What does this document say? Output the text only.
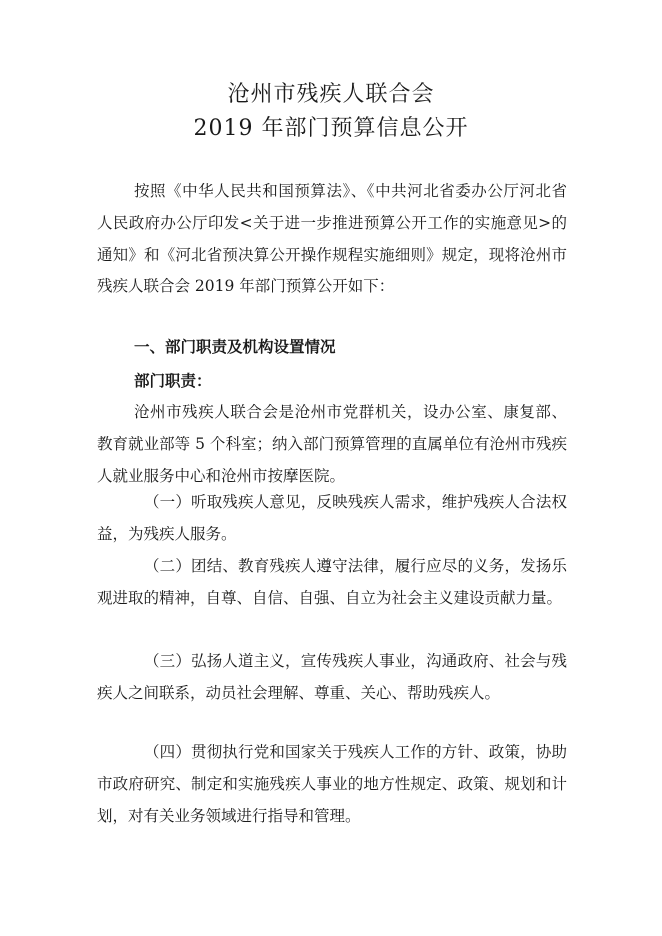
沧州市残疾人联合会
2019 年部门预算信息公开

按照《中华人民共和国预算法》、《中共河北省委办公厅河北省人民政府办公厅印发<关于进一步推进预算公开工作的实施意见>的通知》和《河北省预决算公开操作规程实施细则》规定，现将沧州市残疾人联合会 2019 年部门预算公开如下：

一、部门职责及机构设置情况
部门职责：

沧州市残疾人联合会是沧州市党群机关，设办公室、康复部、教育就业部等 5 个科室；纳入部门预算管理的直属单位有沧州市残疾人就业服务中心和沧州市按摩医院。

（一）听取残疾人意见，反映残疾人需求，维护残疾人合法权益，为残疾人服务。

（二）团结、教育残疾人遵守法律，履行应尽的义务，发扬乐观进取的精神，自尊、自信、自强、自立为社会主义建设贡献力量。

（三）弘扬人道主义，宣传残疾人事业，沟通政府、社会与残疾人之间联系，动员社会理解、尊重、关心、帮助残疾人。

（四）贯彻执行党和国家关于残疾人工作的方针、政策，协助市政府研究、制定和实施残疾人事业的地方性规定、政策、规划和计划，对有关业务领域进行指导和管理。
